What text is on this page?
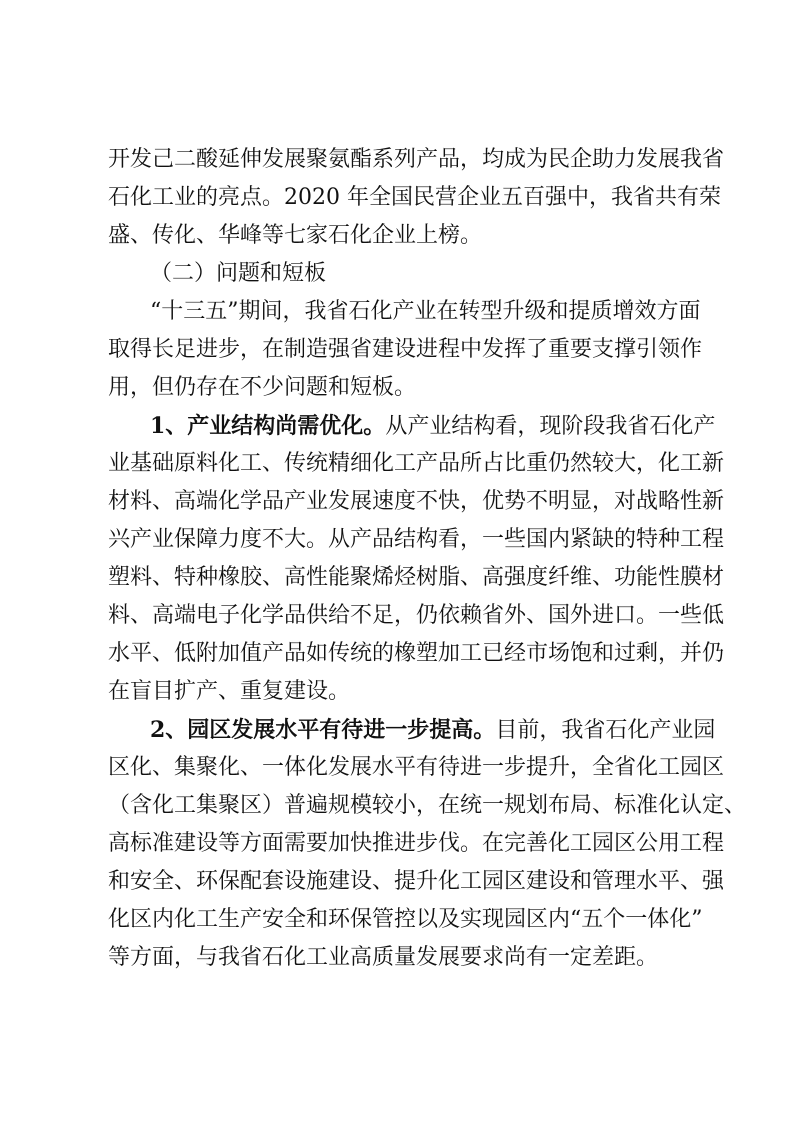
开发己二酸延伸发展聚氨酯系列产品，均成为民企助力发展我省
石化工业的亮点。2020 年全国民营企业五百强中，我省共有荣
盛、传化、华峰等七家石化企业上榜。
（二）问题和短板
“十三五”期间，我省石化产业在转型升级和提质增效方面
取得长足进步，在制造强省建设进程中发挥了重要支撑引领作
用，但仍存在不少问题和短板。
1、产业结构尚需优化。从产业结构看，现阶段我省石化产
业基础原料化工、传统精细化工产品所占比重仍然较大，化工新
材料、高端化学品产业发展速度不快，优势不明显，对战略性新
兴产业保障力度不大。从产品结构看，一些国内紧缺的特种工程
塑料、特种橡胶、高性能聚烯烃树脂、高强度纤维、功能性膜材
料、高端电子化学品供给不足，仍依赖省外、国外进口。一些低
水平、低附加值产品如传统的橡塑加工已经市场饱和过剩，并仍
在盲目扩产、重复建设。
2、园区发展水平有待进一步提高。目前，我省石化产业园
区化、集聚化、一体化发展水平有待进一步提升，全省化工园区
（含化工集聚区）普遍规模较小，在统一规划布局、标准化认定、
高标准建设等方面需要加快推进步伐。在完善化工园区公用工程
和安全、环保配套设施建设、提升化工园区建设和管理水平、强
化区内化工生产安全和环保管控以及实现园区内“五个一体化”
等方面，与我省石化工业高质量发展要求尚有一定差距。
